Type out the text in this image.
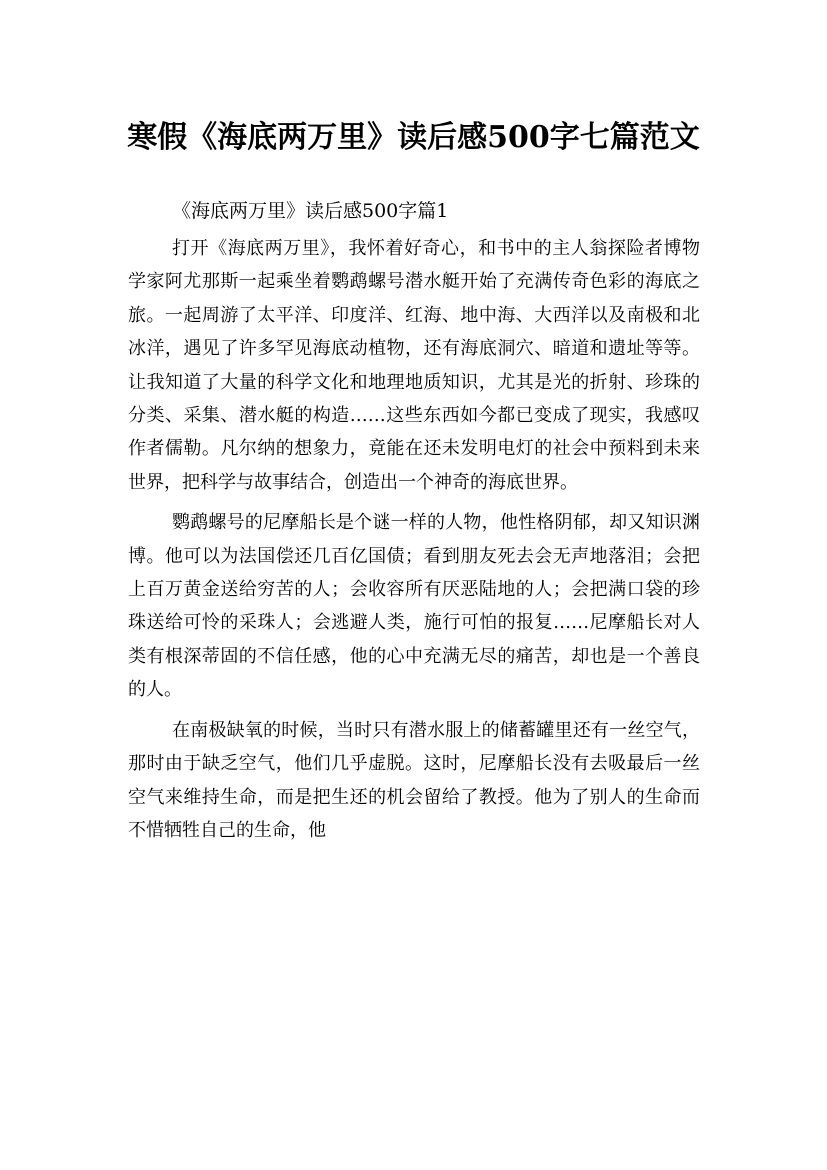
寒假《海底两万里》读后感500字七篇范文
《海底两万里》读后感500字篇1

打开《海底两万里》，我怀着好奇心，和书中的主人翁探险者博物学家阿尤那斯一起乘坐着鹦鹉螺号潜水艇开始了充满传奇色彩的海底之旅。一起周游了太平洋、印度洋、红海、地中海、大西洋以及南极和北冰洋，遇见了许多罕见海底动植物，还有海底洞穴、暗道和遗址等等。让我知道了大量的科学文化和地理地质知识，尤其是光的折射、珍珠的分类、采集、潜水艇的构造……这些东西如今都已变成了现实，我感叹作者儒勒。凡尔纳的想象力，竟能在还未发明电灯的社会中预料到未来世界，把科学与故事结合，创造出一个神奇的海底世界。

鹦鹉螺号的尼摩船长是个谜一样的人物，他性格阴郁，却又知识渊博。他可以为法国偿还几百亿国债；看到朋友死去会无声地落泪；会把上百万黄金送给穷苦的人；会收容所有厌恶陆地的人；会把满口袋的珍珠送给可怜的采珠人；会逃避人类，施行可怕的报复……尼摩船长对人类有根深蒂固的不信任感，他的心中充满无尽的痛苦，却也是一个善良的人。

在南极缺氧的时候，当时只有潜水服上的储蓄罐里还有一丝空气，那时由于缺乏空气，他们几乎虚脱。这时，尼摩船长没有去吸最后一丝空气来维持生命，而是把生还的机会留给了教授。他为了别人的生命而不惜牺牲自己的生命，他
